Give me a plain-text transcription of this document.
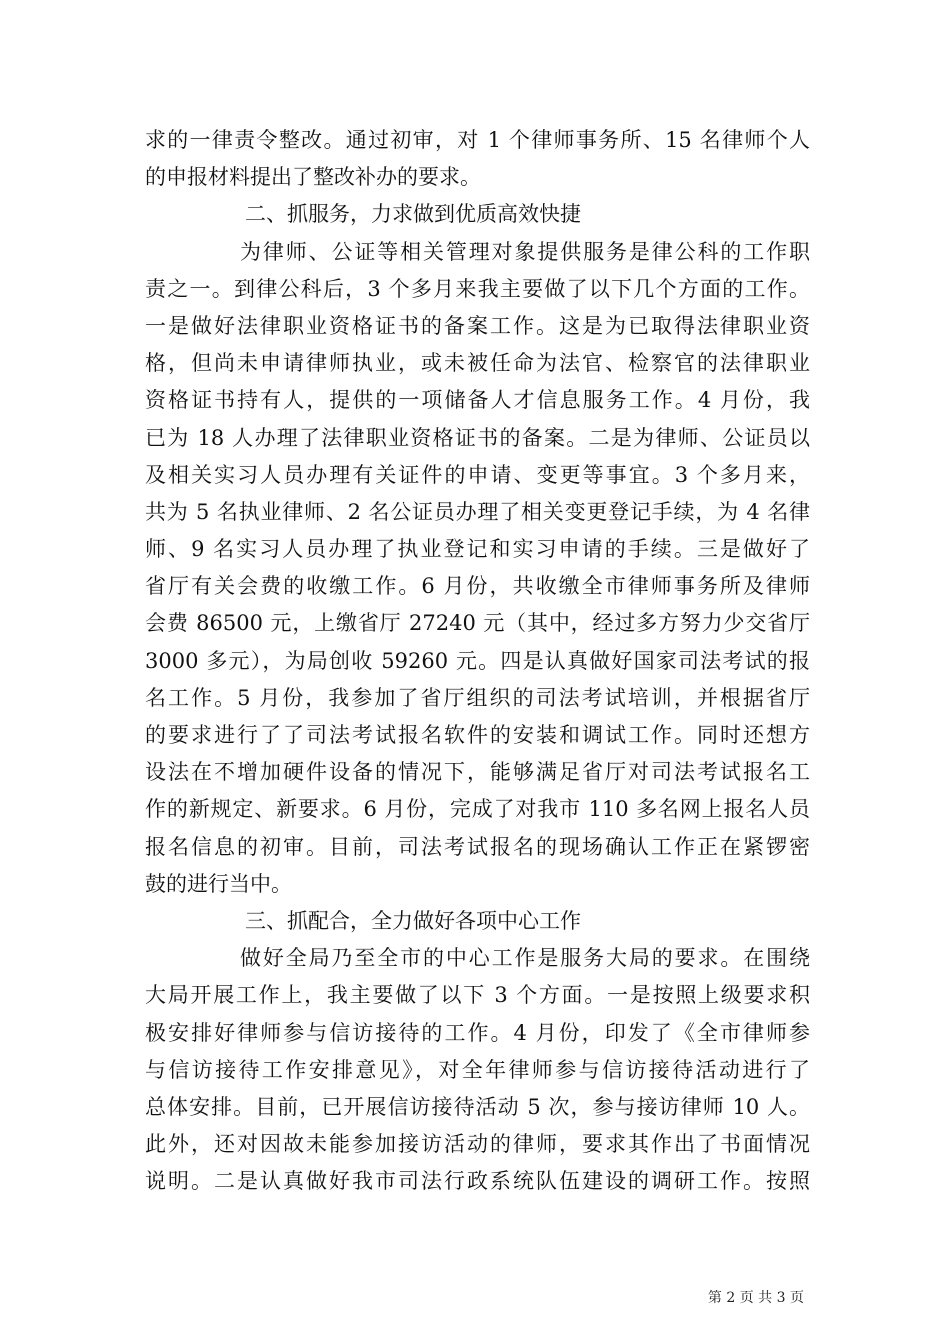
求的一律责令整改。通过初审，对 1 个律师事务所、15 名律师个人
的申报材料提出了整改补办的要求。
二、抓服务，力求做到优质高效快捷
为律师、公证等相关管理对象提供服务是律公科的工作职
责之一。到律公科后，3 个多月来我主要做了以下几个方面的工作。
一是做好法律职业资格证书的备案工作。这是为已取得法律职业资
格，但尚未申请律师执业，或未被任命为法官、检察官的法律职业
资格证书持有人，提供的一项储备人才信息服务工作。4 月份，我
已为 18 人办理了法律职业资格证书的备案。二是为律师、公证员以
及相关实习人员办理有关证件的申请、变更等事宜。3 个多月来，
共为 5 名执业律师、2 名公证员办理了相关变更登记手续，为 4 名律
师、9 名实习人员办理了执业登记和实习申请的手续。三是做好了
省厅有关会费的收缴工作。6 月份，共收缴全市律师事务所及律师
会费 86500 元，上缴省厅 27240 元（其中，经过多方努力少交省厅
3000 多元），为局创收 59260 元。四是认真做好国家司法考试的报
名工作。5 月份，我参加了省厅组织的司法考试培训，并根据省厅
的要求进行了了司法考试报名软件的安装和调试工作。同时还想方
设法在不增加硬件设备的情况下，能够满足省厅对司法考试报名工
作的新规定、新要求。6 月份，完成了对我市 110 多名网上报名人员
报名信息的初审。目前，司法考试报名的现场确认工作正在紧锣密
鼓的进行当中。
三、抓配合，全力做好各项中心工作
做好全局乃至全市的中心工作是服务大局的要求。在围绕
大局开展工作上，我主要做了以下 3 个方面。一是按照上级要求积
极安排好律师参与信访接待的工作。4 月份，印发了《全市律师参
与信访接待工作安排意见》，对全年律师参与信访接待活动进行了
总体安排。目前，已开展信访接待活动 5 次，参与接访律师 10 人。
此外，还对因故未能参加接访活动的律师，要求其作出了书面情况
说明。二是认真做好我市司法行政系统队伍建设的调研工作。按照
第 2 页 共 3 页
